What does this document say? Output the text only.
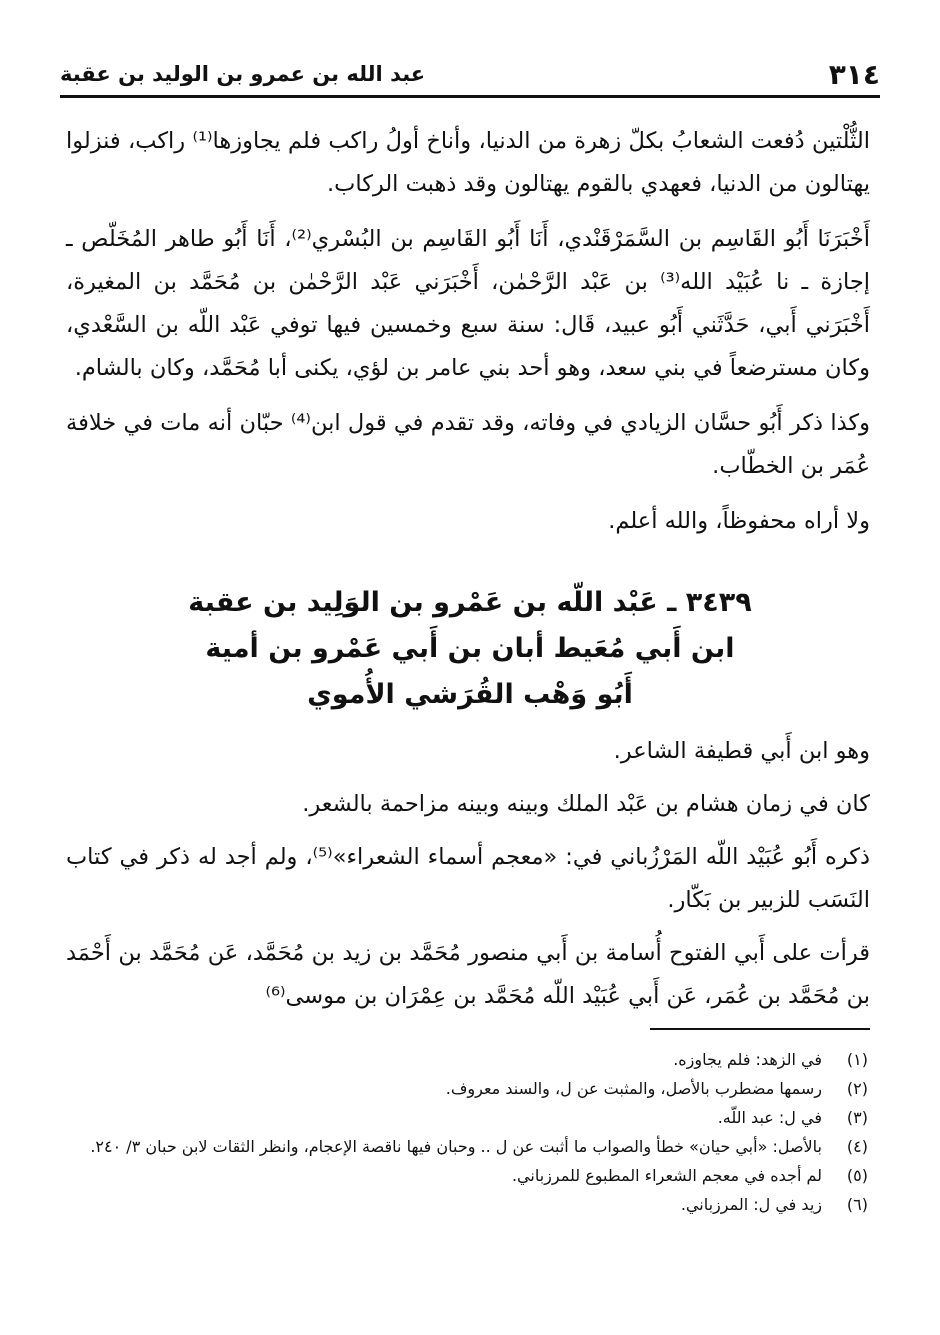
٣١٤
عبد الله بن عمرو بن الوليد بن عقبة

الثُّلْتين دُفعت الشعابُ بكلّ زهرة من الدنيا، وأناخ أولُ راكب فلم يجاوزها⁽¹⁾ راكب، فنزلوا يهتالون من الدنيا، فعهدي بالقوم يهتالون وقد ذهبت الركاب.

أَخْبَرَنَا أَبُو القَاسِم بن السَّمَرْقَنْدي، أَنَا أَبُو القَاسِم بن البُسْري⁽²⁾، أَنَا أَبُو طاهر المُخَلّص ـ إجازة ـ نا عُبَيْد الله⁽³⁾ بن عَبْد الرَّحْمٰن، أَخْبَرَني عَبْد الرَّحْمٰن بن مُحَمَّد بن المغيرة، أَخْبَرَني أَبي، حَدَّثَني أَبُو عبيد، قَال: سنة سبع وخمسين فيها توفي عَبْد اللّه بن السَّعْدي، وكان مسترضعاً في بني سعد، وهو أحد بني عامر بن لؤي، يكنى أبا مُحَمَّد، وكان بالشام.

وكذا ذكر أَبُو حسَّان الزيادي في وفاته، وقد تقدم في قول ابن⁽⁴⁾ حبّان أنه مات في خلافة عُمَر بن الخطّاب.

ولا أراه محفوظاً، والله أعلم.

٣٤٣٩ ـ عَبْد اللّه بن عَمْرو بن الوَلِيد بن عقبة
ابن أَبي مُعَيط أبان بن أَبي عَمْرو بن أمية
أَبُو وَهْب القُرَشي الأُموي

وهو ابن أَبي قطيفة الشاعر.

كان في زمان هشام بن عَبْد الملك وبينه وبينه مزاحمة بالشعر.

ذكره أَبُو عُبَيْد اللّه المَرْزُباني في: «معجم أسماء الشعراء»⁽⁵⁾، ولم أجد له ذكر في كتاب النَسَب للزبير بن بَكّار.

قرأت على أَبي الفتوح أُسامة بن أَبي منصور مُحَمَّد بن زيد بن مُحَمَّد، عَن مُحَمَّد بن أَحْمَد بن مُحَمَّد بن عُمَر، عَن أَبي عُبَيْد اللّه مُحَمَّد بن عِمْرَان بن موسى⁽⁶⁾

(١)
في الزهد: فلم يجاوزه.
(٢)
رسمها مضطرب بالأصل، والمثبت عن ل، والسند معروف.
(٣)
في ل: عبد اللّه.
(٤)
بالأصل: «أبي حيان» خطأ والصواب ما أثبت عن ل .. وحبان فيها ناقصة الإعجام، وانظر الثقات لابن حبان ٣/ ٢٤٠.
(٥)
لم أجده في معجم الشعراء المطبوع للمرزباني.
(٦)
زيد في ل: المرزباني.
